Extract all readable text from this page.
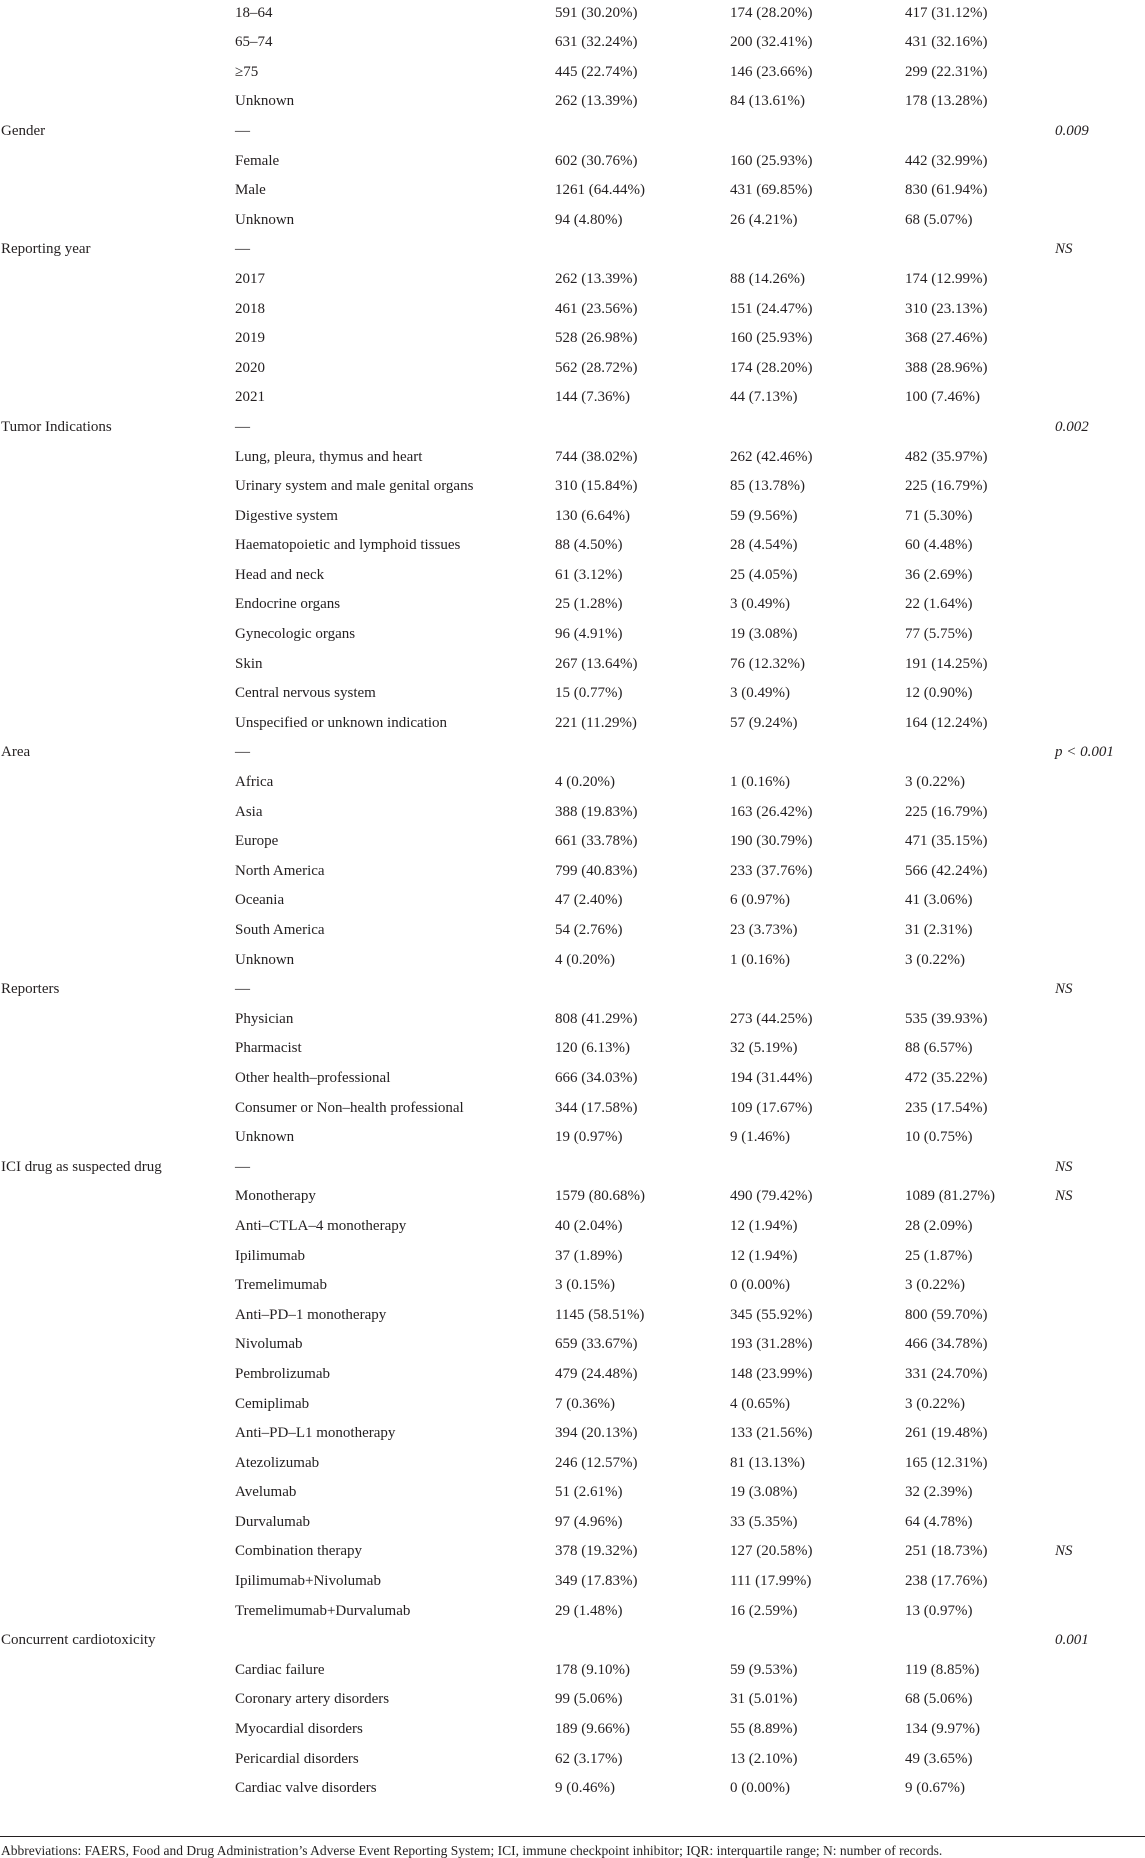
	18–64	591 (30.20%)	174 (28.20%)	417 (31.12%)	
	65–74	631 (32.24%)	200 (32.41%)	431 (32.16%)	
	≥75	445 (22.74%)	146 (23.66%)	299 (22.31%)	
	Unknown	262 (13.39%)	84 (13.61%)	178 (13.28%)	
Gender	—				0.009
	Female	602 (30.76%)	160 (25.93%)	442 (32.99%)	
	Male	1261 (64.44%)	431 (69.85%)	830 (61.94%)	
	Unknown	94 (4.80%)	26 (4.21%)	68 (5.07%)	
Reporting year	—				NS
	2017	262 (13.39%)	88 (14.26%)	174 (12.99%)	
	2018	461 (23.56%)	151 (24.47%)	310 (23.13%)	
	2019	528 (26.98%)	160 (25.93%)	368 (27.46%)	
	2020	562 (28.72%)	174 (28.20%)	388 (28.96%)	
	2021	144 (7.36%)	44 (7.13%)	100 (7.46%)	
Tumor Indications	—				0.002
	Lung, pleura, thymus and heart	744 (38.02%)	262 (42.46%)	482 (35.97%)	
	Urinary system and male genital organs	310 (15.84%)	85 (13.78%)	225 (16.79%)	
	Digestive system	130 (6.64%)	59 (9.56%)	71 (5.30%)	
	Haematopoietic and lymphoid tissues	88 (4.50%)	28 (4.54%)	60 (4.48%)	
	Head and neck	61 (3.12%)	25 (4.05%)	36 (2.69%)	
	Endocrine organs	25 (1.28%)	3 (0.49%)	22 (1.64%)	
	Gynecologic organs	96 (4.91%)	19 (3.08%)	77 (5.75%)	
	Skin	267 (13.64%)	76 (12.32%)	191 (14.25%)	
	Central nervous system	15 (0.77%)	3 (0.49%)	12 (0.90%)	
	Unspecified or unknown indication	221 (11.29%)	57 (9.24%)	164 (12.24%)	
Area	—				p < 0.001
	Africa	4 (0.20%)	1 (0.16%)	3 (0.22%)	
	Asia	388 (19.83%)	163 (26.42%)	225 (16.79%)	
	Europe	661 (33.78%)	190 (30.79%)	471 (35.15%)	
	North America	799 (40.83%)	233 (37.76%)	566 (42.24%)	
	Oceania	47 (2.40%)	6 (0.97%)	41 (3.06%)	
	South America	54 (2.76%)	23 (3.73%)	31 (2.31%)	
	Unknown	4 (0.20%)	1 (0.16%)	3 (0.22%)	
Reporters	—				NS
	Physician	808 (41.29%)	273 (44.25%)	535 (39.93%)	
	Pharmacist	120 (6.13%)	32 (5.19%)	88 (6.57%)	
	Other health–professional	666 (34.03%)	194 (31.44%)	472 (35.22%)	
	Consumer or Non–health professional	344 (17.58%)	109 (17.67%)	235 (17.54%)	
	Unknown	19 (0.97%)	9 (1.46%)	10 (0.75%)	
ICI drug as suspected drug	—				NS
	Monotherapy	1579 (80.68%)	490 (79.42%)	1089 (81.27%)	NS
	Anti–CTLA–4 monotherapy	40 (2.04%)	12 (1.94%)	28 (2.09%)	
	Ipilimumab	37 (1.89%)	12 (1.94%)	25 (1.87%)	
	Tremelimumab	3 (0.15%)	0 (0.00%)	3 (0.22%)	
	Anti–PD–1 monotherapy	1145 (58.51%)	345 (55.92%)	800 (59.70%)	
	Nivolumab	659 (33.67%)	193 (31.28%)	466 (34.78%)	
	Pembrolizumab	479 (24.48%)	148 (23.99%)	331 (24.70%)	
	Cemiplimab	7 (0.36%)	4 (0.65%)	3 (0.22%)	
	Anti–PD–L1 monotherapy	394 (20.13%)	133 (21.56%)	261 (19.48%)	
	Atezolizumab	246 (12.57%)	81 (13.13%)	165 (12.31%)	
	Avelumab	51 (2.61%)	19 (3.08%)	32 (2.39%)	
	Durvalumab	97 (4.96%)	33 (5.35%)	64 (4.78%)	
	Combination therapy	378 (19.32%)	127 (20.58%)	251 (18.73%)	NS
	Ipilimumab+Nivolumab	349 (17.83%)	111 (17.99%)	238 (17.76%)	
	Tremelimumab+Durvalumab	29 (1.48%)	16 (2.59%)	13 (0.97%)	
Concurrent cardiotoxicity					0.001
	Cardiac failure	178 (9.10%)	59 (9.53%)	119 (8.85%)	
	Coronary artery disorders	99 (5.06%)	31 (5.01%)	68 (5.06%)	
	Myocardial disorders	189 (9.66%)	55 (8.89%)	134 (9.97%)	
	Pericardial disorders	62 (3.17%)	13 (2.10%)	49 (3.65%)	
	Cardiac valve disorders	9 (0.46%)	0 (0.00%)	9 (0.67%)	
Abbreviations: FAERS, Food and Drug Administration’s Adverse Event Reporting System; ICI, immune checkpoint inhibitor; IQR: interquartile range; N: number of records.
